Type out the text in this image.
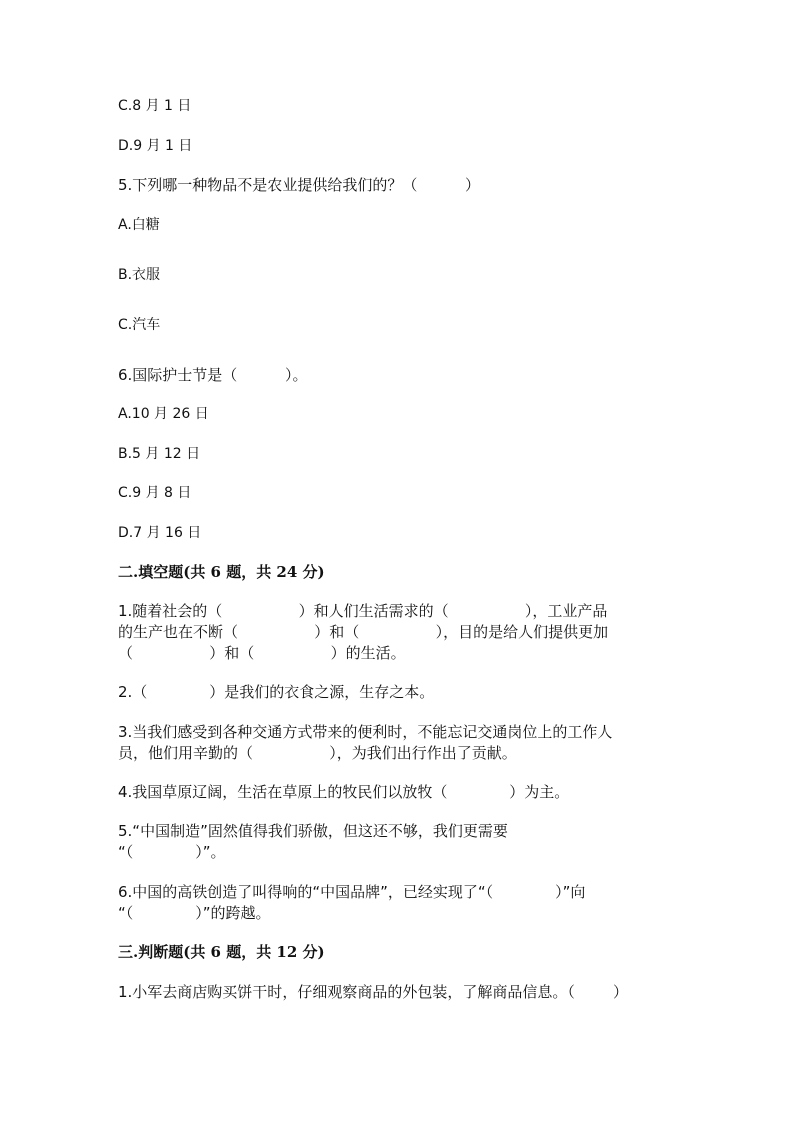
C.8 月 1 日
D.9 月 1 日
5.下列哪一种物品不是农业提供给我们的？（          ）
A.白糖
B.衣服
C.汽车
6.国际护士节是（          ）。
A.10 月 26 日
B.5 月 12 日
C.9 月 8 日
D.7 月 16 日
二.填空题(共 6 题，共 24 分)
1.随着社会的（                ）和人们生活需求的（                ），工业产品
的生产也在不断（                ）和（                ），目的是给人们提供更加
（                ）和（                ）的生活。
2.（             ）是我们的衣食之源，生存之本。
3.当我们感受到各种交通方式带来的便利时，不能忘记交通岗位上的工作人
员，他们用辛勤的（                ），为我们出行作出了贡献。
4.我国草原辽阔，生活在草原上的牧民们以放牧（             ）为主。
5.“中国制造”固然值得我们骄傲，但这还不够，我们更需要
“（             ）”。
6.中国的高铁创造了叫得响的“中国品牌”，已经实现了“（             ）”向
“（             ）”的跨越。
三.判断题(共 6 题，共 12 分)
1.小军去商店购买饼干时，仔细观察商品的外包装，了解商品信息。（        ）
